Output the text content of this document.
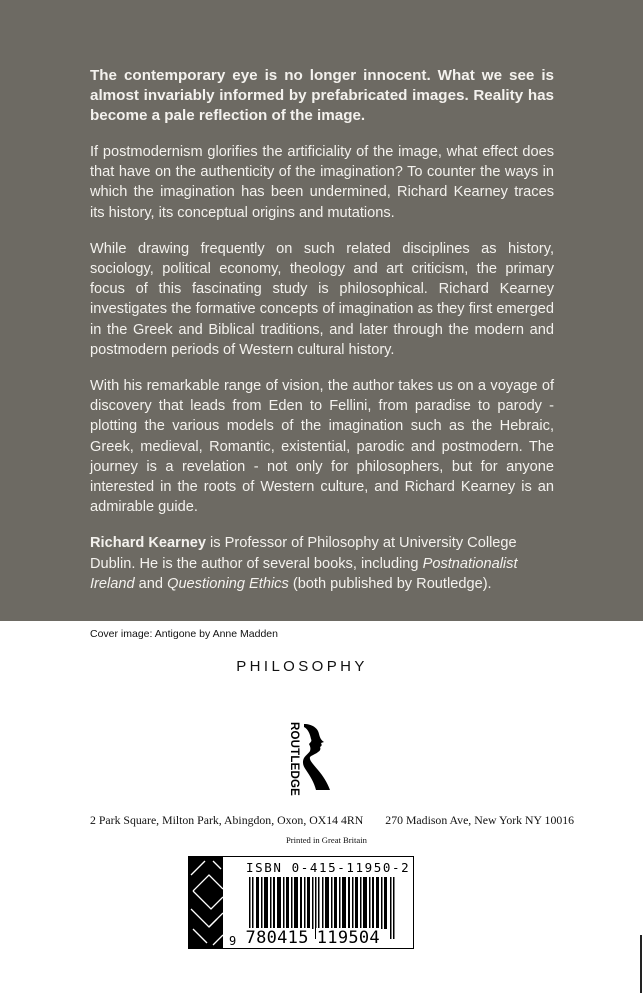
The contemporary eye is no longer innocent. What we see is almost invariably informed by prefabricated images. Reality has become a pale reflection of the image.

If postmodernism glorifies the artificiality of the image, what effect does that have on the authenticity of the imagination? To counter the ways in which the imagination has been undermined, Richard Kearney traces its history, its conceptual origins and mutations.

While drawing frequently on such related disciplines as history, sociology, political economy, theology and art criticism, the primary focus of this fascinating study is philosophical. Richard Kearney investigates the formative concepts of imagination as they first emerged in the Greek and Biblical traditions, and later through the modern and postmodern periods of Western cultural history.

With his remarkable range of vision, the author takes us on a voyage of discovery that leads from Eden to Fellini, from paradise to parody - plotting the various models of the imagination such as the Hebraic, Greek, medieval, Romantic, existential, parodic and postmodern. The journey is a revelation - not only for philosophers, but for anyone interested in the roots of Western culture, and Richard Kearney is an admirable guide.

Richard Kearney is Professor of Philosophy at University College Dublin. He is the author of several books, including Postnationalist Ireland and Questioning Ethics (both published by Routledge).

Cover image: Antigone by Anne Madden
PHILOSOPHY
ROUTLEDGE
2 Park Square, Milton Park, Abingdon, Oxon, OX14 4RN 270 Madison Ave, New York NY 10016
Printed in Great Britain
ISBN 0-415-11950-2
9 780415 119504
